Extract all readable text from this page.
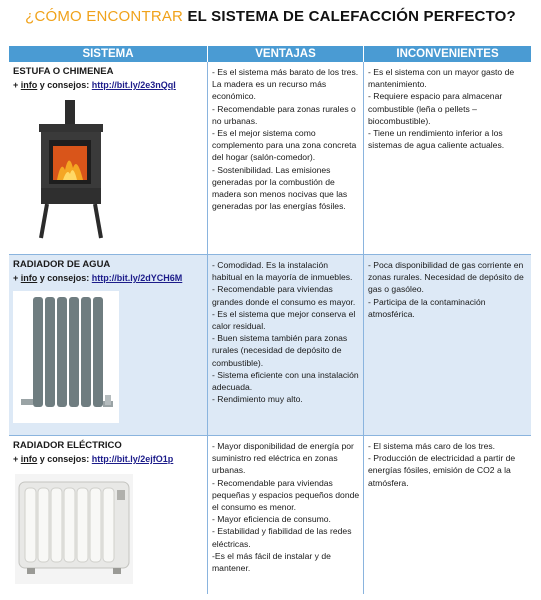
¿CÓMO ENCONTRAR EL SISTEMA DE CALEFACCIÓN PERFECTO?
SISTEMA	VENTAJAS	INCONVENIENTES
ESTUFA O CHIMENEA
+ info y consejos: http://bit.ly/2e3nQqI
- Es el sistema más barato de los tres. La madera es un recurso más económico.
- Recomendable para zonas rurales o no urbanas.
- Es el mejor sistema como complemento para una zona concreta del hogar (salón-comedor).
- Sostenibilidad. Las emisiones generadas por la combustión de madera son menos nocivas que las generadas por las energías fósiles.
- Es el sistema con un mayor gasto de mantenimiento.
- Requiere espacio para almacenar combustible (leña o pellets – biocombustible).
- Tiene un rendimiento inferior a los sistemas de agua caliente actuales.
RADIADOR DE AGUA
+ info y consejos: http://bit.ly/2dYCH6M
- Comodidad. Es la instalación habitual en la mayoría de inmuebles.
- Recomendable para viviendas grandes donde el consumo es mayor.
- Es el sistema que mejor conserva el calor residual.
- Buen sistema también para zonas rurales (necesidad de depósito de combustible).
- Sistema eficiente con una instalación adecuada.
- Rendimiento muy alto.
- Poca disponibilidad de gas corriente en zonas rurales. Necesidad de depósito de gas o gasóleo.
- Participa de la contaminación atmosférica.
RADIADOR ELÉCTRICO
+ info y consejos: http://bit.ly/2ejfO1p
- Mayor disponibilidad de energía por suministro red eléctrica en zonas urbanas.
- Recomendable para viviendas pequeñas y espacios pequeños donde el consumo es menor.
- Mayor eficiencia de consumo.
- Estabilidad y fiabilidad de las redes eléctricas.
-Es el más fácil de instalar y de mantener.
- El sistema más caro de los tres.
- Producción de electricidad a partir de energías fósiles, emisión de CO2 a la atmósfera.
